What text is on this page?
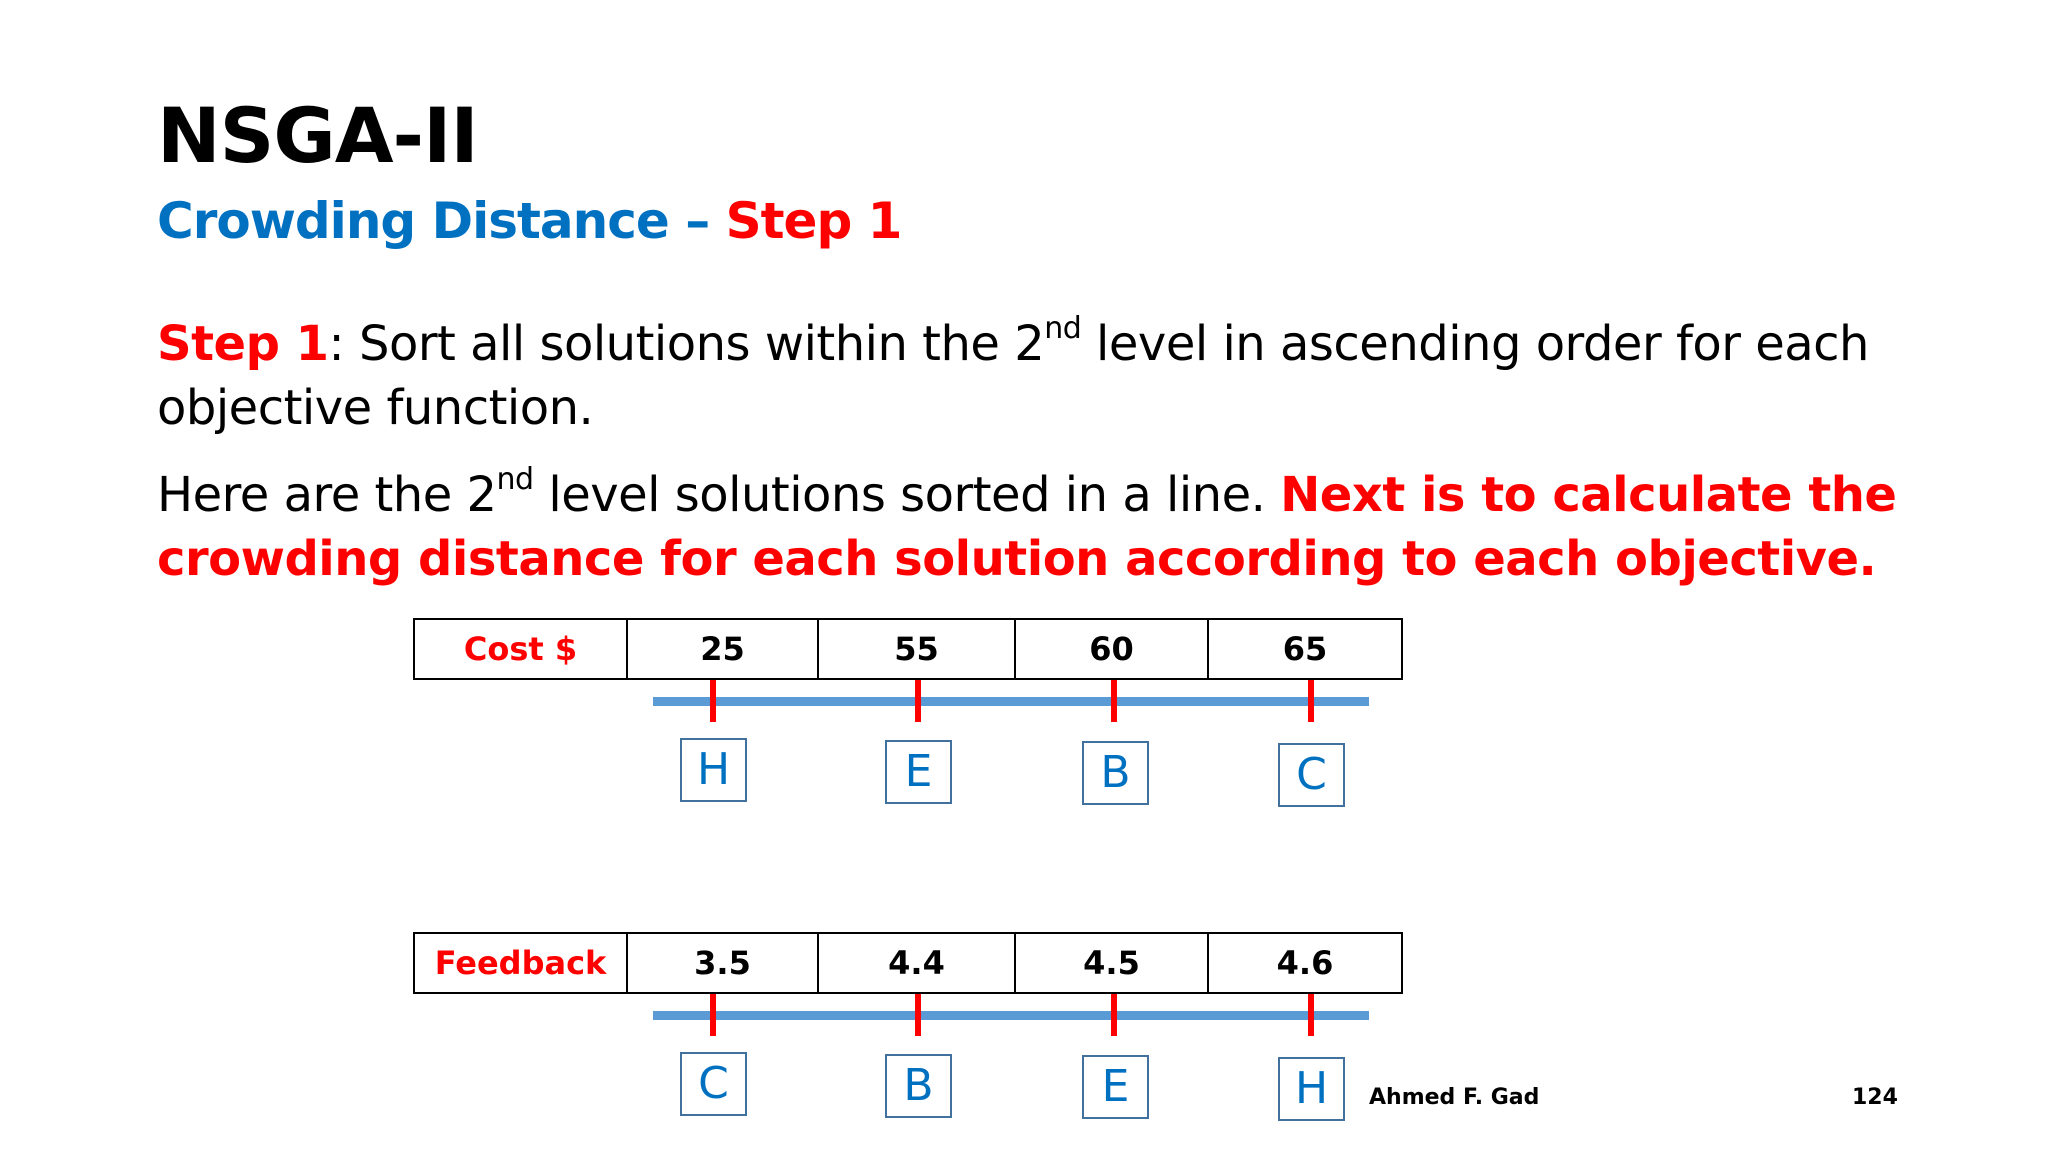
NSGA-II
Crowding Distance – Step 1

Step 1: Sort all solutions within the 2nd level in ascending order for each objective function.

Here are the 2nd level solutions sorted in a line. Next is to calculate the crowding distance for each solution according to each objective.

Cost $	25	55	60	65
H	E	B	C
Feedback	3.5	4.4	4.5	4.6
C	B	E	H	Ahmed F. Gad	124
